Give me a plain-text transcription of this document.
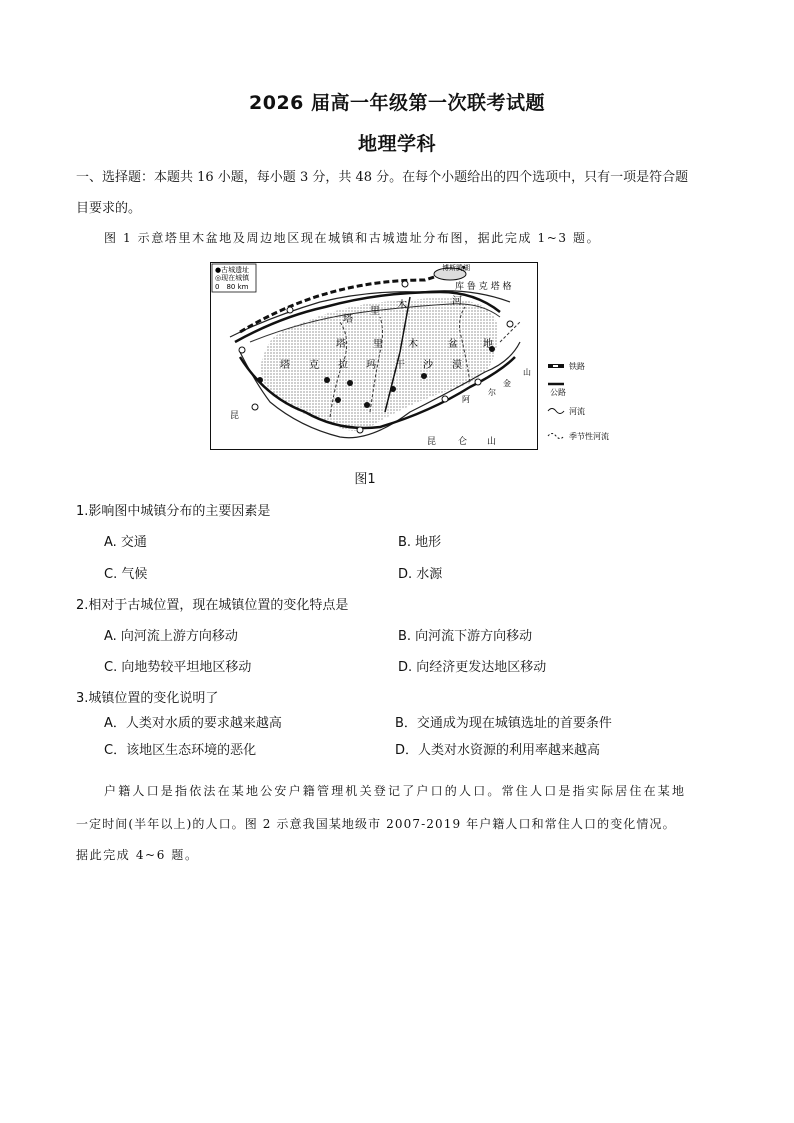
2026 届高一年级第一次联考试题
地理学科
一、选择题：本题共 16 小题，每小题 3 分，共 48 分。在每个小题给出的四个选项中，只有一项是符合题
目要求的。
图 1 示意塔里木盆地及周边地区现在城镇和古城遗址分布图，据此完成 1~3 题。
●古城遗址
◎现在城镇
0　80 km
博斯腾湖
库 鲁 克 塔 格
塔
里
木	河
塔	里	木	盆	地
塔 克 拉 玛 干 沙 漠
昆
昆 仑 山
阿
尔
金
山
铁路
公路
河流
季节性河流
图1
1.影响图中城镇分布的主要因素是
A. 交通	B. 地形
C. 气候	D. 水源
2.相对于古城位置，现在城镇位置的变化特点是
A. 向河流上游方向移动	B. 向河流下游方向移动
C. 向地势较平坦地区移动	D. 向经济更发达地区移动
3.城镇位置的变化说明了
A．人类对水质的要求越来越高	B．交通成为现在城镇选址的首要条件
C．该地区生态环境的恶化	D．人类对水资源的利用率越来越高
户籍人口是指依法在某地公安户籍管理机关登记了户口的人口。常住人口是指实际居住在某地
一定时间(半年以上)的人口。图 2 示意我国某地级市 2007-2019 年户籍人口和常住人口的变化情况。
据此完成 4~6 题。
